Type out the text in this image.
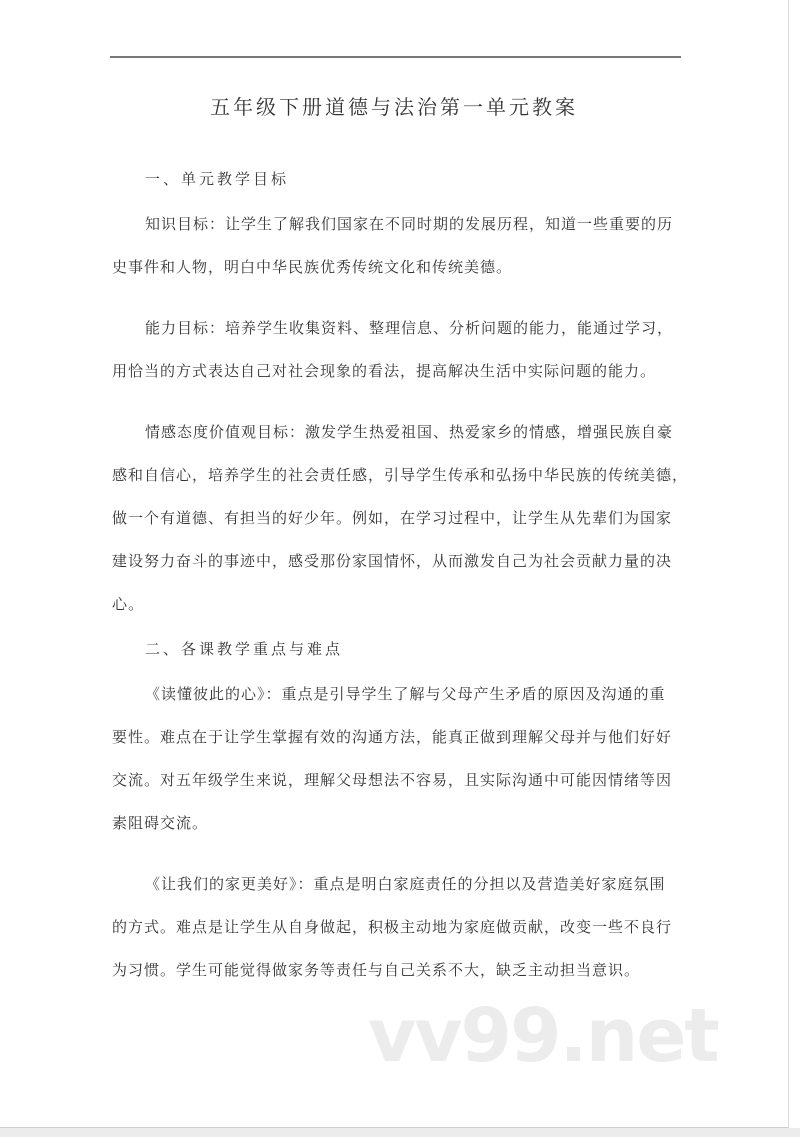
五年级下册道德与法治第一单元教案
一、单元教学目标
知识目标：让学生了解我们国家在不同时期的发展历程，知道一些重要的历
史事件和人物，明白中华民族优秀传统文化和传统美德。
能力目标：培养学生收集资料、整理信息、分析问题的能力，能通过学习，
用恰当的方式表达自己对社会现象的看法，提高解决生活中实际问题的能力。
情感态度价值观目标：激发学生热爱祖国、热爱家乡的情感，增强民族自豪
感和自信心，培养学生的社会责任感，引导学生传承和弘扬中华民族的传统美德，
做一个有道德、有担当的好少年。例如，在学习过程中，让学生从先辈们为国家
建设努力奋斗的事迹中，感受那份家国情怀，从而激发自己为社会贡献力量的决
心。
二、各课教学重点与难点
《读懂彼此的心》：重点是引导学生了解与父母产生矛盾的原因及沟通的重
要性。难点在于让学生掌握有效的沟通方法，能真正做到理解父母并与他们好好
交流。对五年级学生来说，理解父母想法不容易，且实际沟通中可能因情绪等因
素阻碍交流。
《让我们的家更美好》：重点是明白家庭责任的分担以及营造美好家庭氛围
的方式。难点是让学生从自身做起，积极主动地为家庭做贡献，改变一些不良行
为习惯。学生可能觉得做家务等责任与自己关系不大，缺乏主动担当意识。
vv99.net
